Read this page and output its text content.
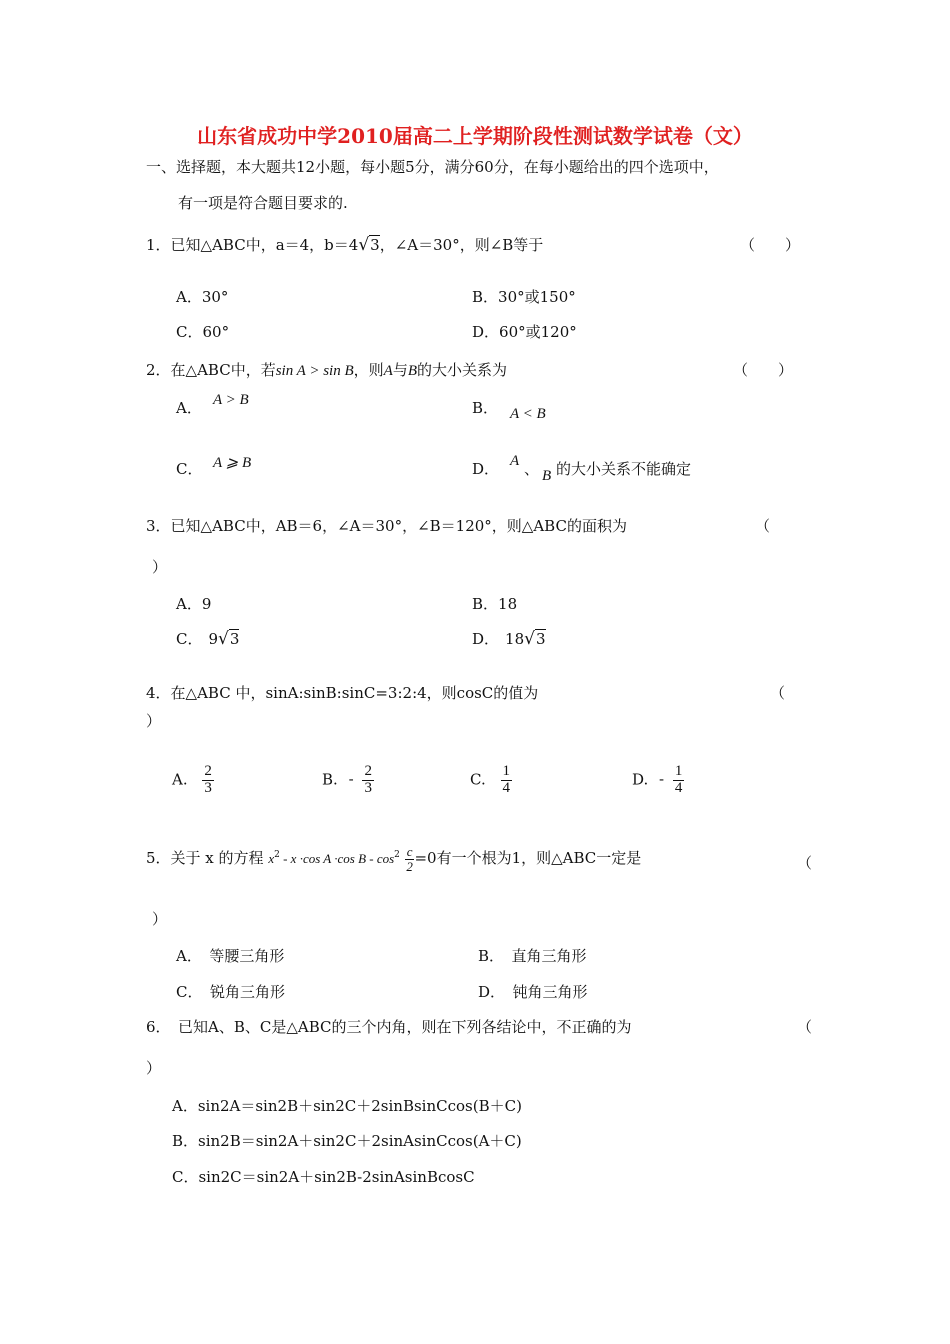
山东省成功中学2010届高二上学期阶段性测试数学试卷（文）
一、选择题，本大题共12小题，每小题5分，满分60分，在每小题给出的四个选项中，
有一项是符合题目要求的.
1．已知△ABC中，a＝4，b＝4√3，∠A＝30°，则∠B等于	（　　）
A．30°	B．30°或150°
C．60°	D．60°或120°
2．在△ABC中，若sin A > sin B，则A与B的大小关系为	（　　）
A． A > B	B． A < B
C． A ⩾ B	D． A 、 B 的大小关系不能确定
3．已知△ABC中，AB＝6，∠A＝30°，∠B＝120°，则△ABC的面积为	（
）
A．9	B．18
C． 9√3	D． 18√3
4．在△ABC 中，sinA:sinB:sinC=3:2:4，则cosC的值为	（
）
A. $\frac{2}{3}$	B. - $\frac{2}{3}$	C. $\frac{1}{4}$	D. - $\frac{1}{4}$
5．关于 x 的方程 $x^2 - x \cdot\cos$ A ·cos $B - \cos^2 \frac{c}{2} =0$有一个根为1，则△ABC一定是	（
）
A．　等腰三角形	B．　直角三角形
C．　锐角三角形	D．　钝角三角形
6．　已知A、B、C是△ABC的三个内角，则在下列各结论中，不正确的为	（
）
A．sin2A＝sin2B＋sin2C＋2sinBsinCcos(B＋C)
B．sin2B＝sin2A＋sin2C＋2sinAsinCcos(A＋C)
C．sin2C＝sin2A＋sin2B-2sinAsinBcosC
